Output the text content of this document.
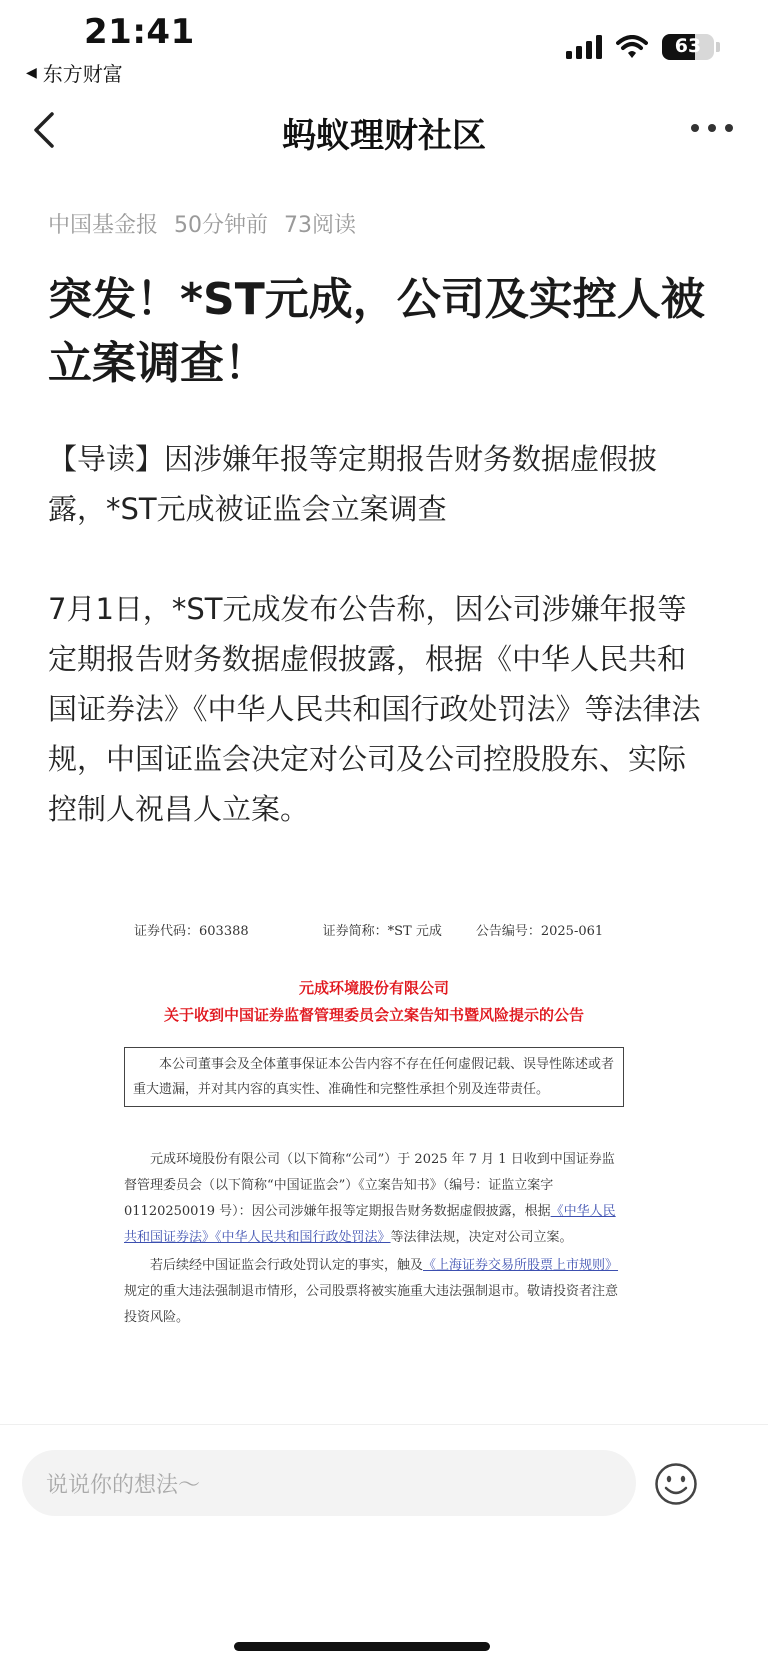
21:41
◀ 东方财富
63
蚂蚁理财社区
中国基金报 50分钟前 73阅读
突发！*ST元成，公司及实控人被立案调查！

【导读】因涉嫌年报等定期报告财务数据虚假披露，*ST元成被证监会立案调查

7月1日，*ST元成发布公告称，因公司涉嫌年报等定期报告财务数据虚假披露，根据《中华人民共和国证券法》《中华人民共和国行政处罚法》等法律法规，中国证监会决定对公司及公司控股股东、实际控制人祝昌人立案。

证券代码：603388	证券简称：*ST 元成	公告编号：2025-061
元成环境股份有限公司
关于收到中国证券监督管理委员会立案告知书暨风险提示的公告
本公司董事会及全体董事保证本公告内容不存在任何虚假记载、误导性陈述或者重大遗漏，并对其内容的真实性、准确性和完整性承担个别及连带责任。
元成环境股份有限公司（以下简称“公司”）于 2025 年 7 月 1 日收到中国证券监督管理委员会（以下简称“中国证监会”）《立案告知书》（编号：证监立案字 01120250019 号）：因公司涉嫌年报等定期报告财务数据虚假披露，根据《中华人民共和国证券法》《中华人民共和国行政处罚法》等法律法规，决定对公司立案。
若后续经中国证监会行政处罚认定的事实，触及《上海证券交易所股票上市规则》规定的重大违法强制退市情形，公司股票将被实施重大违法强制退市。敬请投资者注意投资风险。
说说你的想法～
